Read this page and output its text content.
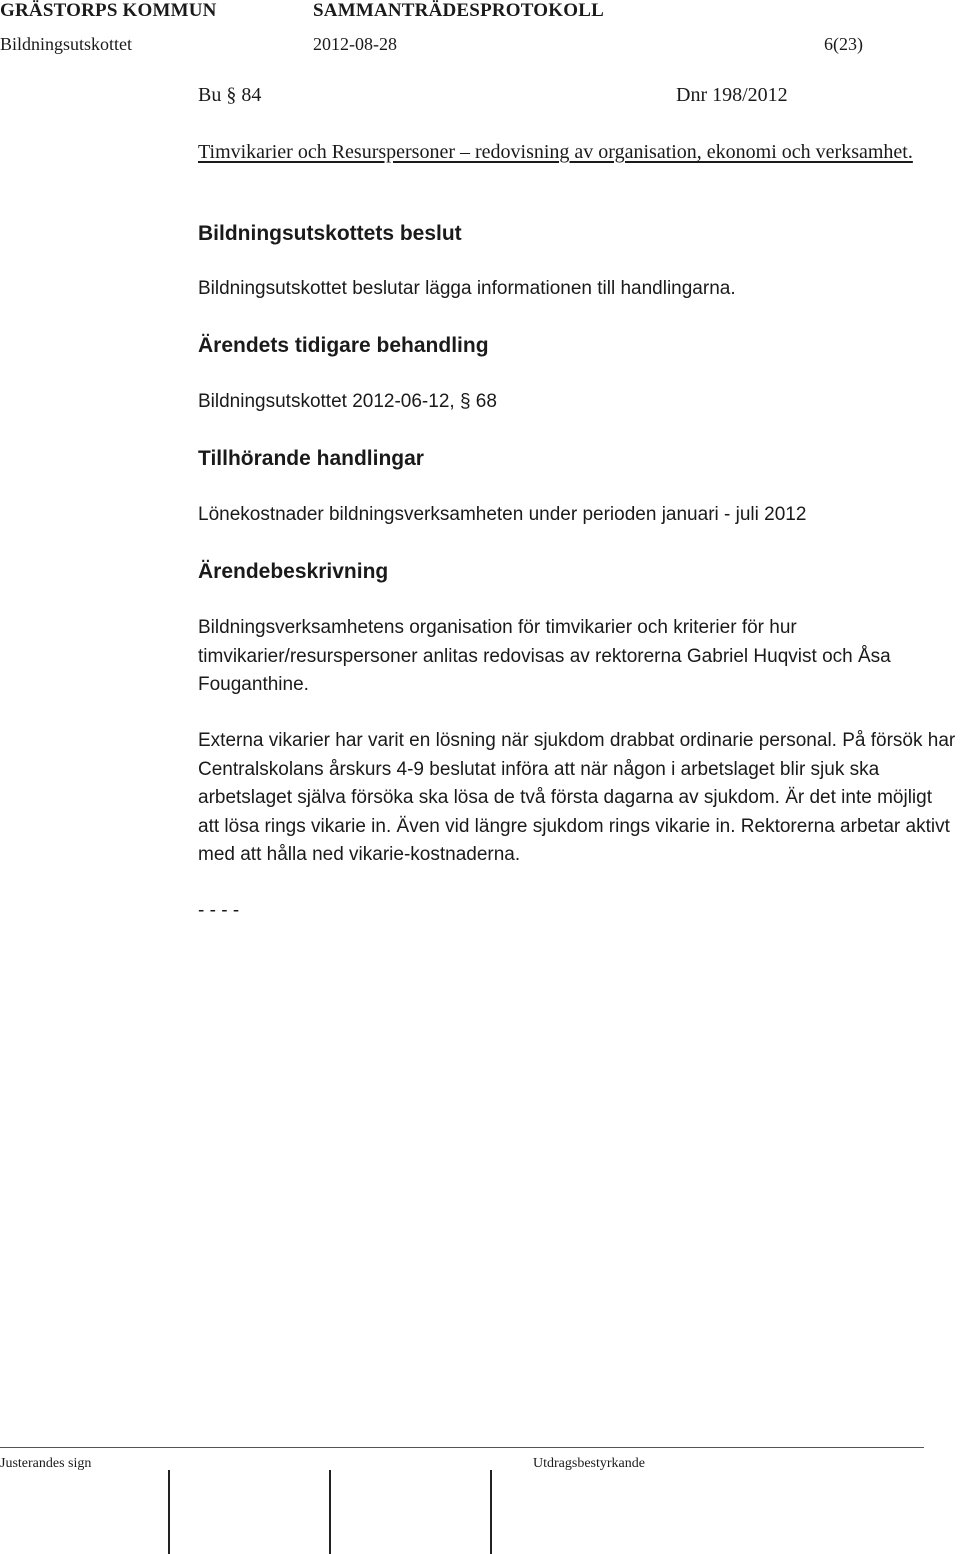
GRÄSTORPS KOMMUN	SAMMANTRÄDESPROTOKOLL
Bildningsutskottet	2012-08-28	6(23)
Bu § 84	Dnr 198/2012
Timvikarier och Resurspersoner – redovisning av organisation, ekonomi och verksamhet.
Bildningsutskottets beslut
Bildningsutskottet beslutar lägga informationen till handlingarna.
Ärendets tidigare behandling
Bildningsutskottet 2012-06-12, § 68
Tillhörande handlingar
Lönekostnader bildningsverksamheten under perioden januari - juli 2012
Ärendebeskrivning
Bildningsverksamhetens organisation för timvikarier och kriterier för hur timvikarier/resurspersoner anlitas redovisas av rektorerna Gabriel Huqvist och Åsa Fouganthine.
Externa vikarier har varit en lösning när sjukdom drabbat ordinarie personal. På försök har Centralskolans årskurs 4-9 beslutat införa att när någon i arbetslaget blir sjuk ska arbetslaget själva försöka ska lösa de två första dagarna av sjukdom. Är det inte möjligt att lösa rings vikarie in. Även vid längre sjukdom rings vikarie in. Rektorerna arbetar aktivt med att hålla ned vikarie-kostnaderna.
- - - -
Justerandes sign	Utdragsbestyrkande
